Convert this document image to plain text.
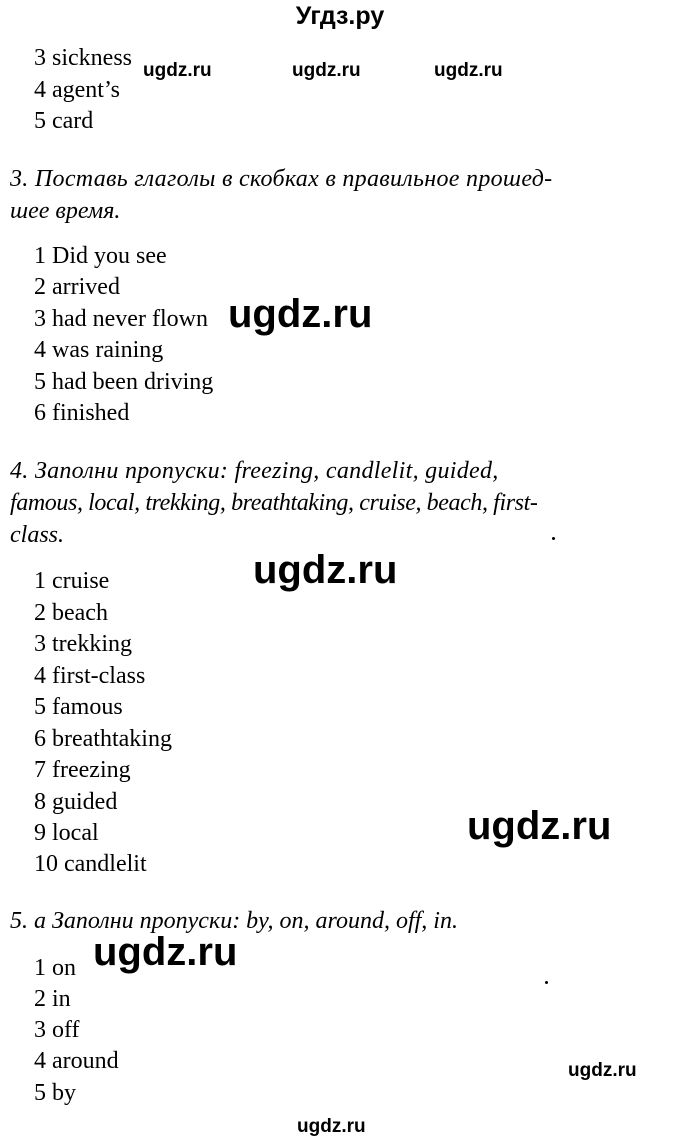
Угдз.ру
3 sickness
4 agent’s
5 card
3. Поставь глаголы в скобках в правильное прошед-
шее время.
1 Did you see
2 arrived
3 had never flown
4 was raining
5 had been driving
6 finished
4. Заполни пропуски: freezing, candlelit, guided,
famous, local, trekking, breathtaking, cruise, beach, first-
class.
1 cruise
2 beach
3 trekking
4 first-class
5 famous
6 breathtaking
7 freezing
8 guided
9 local
10 candlelit
5. a Заполни пропуски: by, on, around, off, in.
1 on
2 in
3 off
4 around
5 by
ugdz.ru	ugdz.ru	ugdz.ru
ugdz.ru
ugdz.ru
ugdz.ru
ugdz.ru
ugdz.ru
ugdz.ru
